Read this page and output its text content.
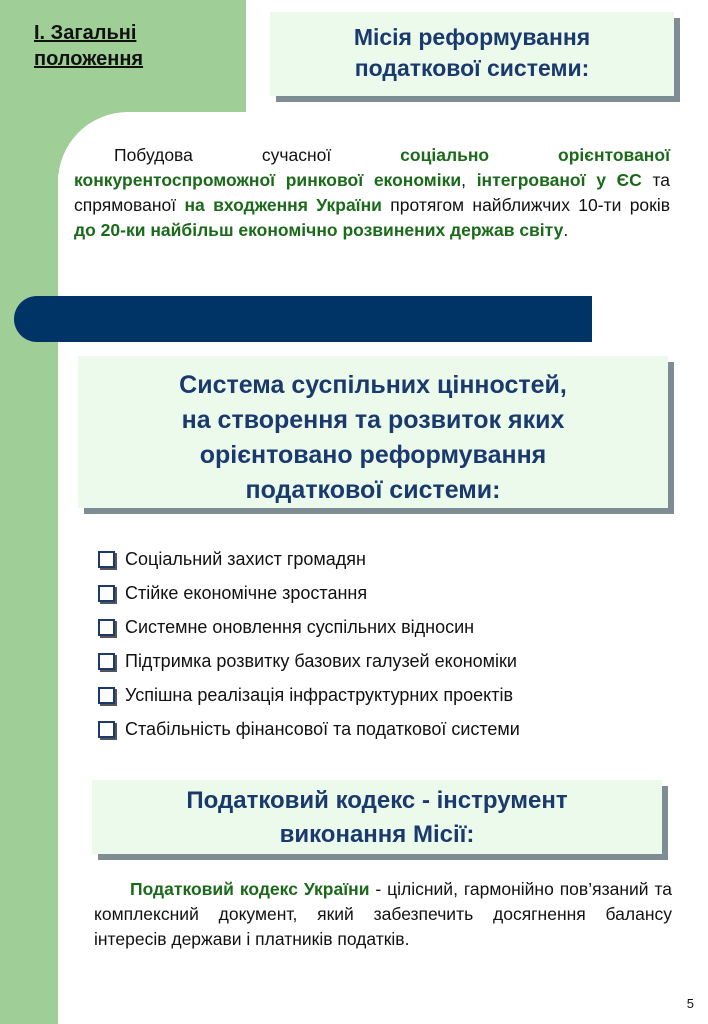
І. Загальні положення
Місія реформування
податкової системи:
Побудова сучасної соціально орієнтованої конкурентоспроможної ринкової економіки, інтегрованої у ЄС та спрямованої на входження України протягом найближчих 10-ти років до 20-ки найбільш економічно розвинених держав світу.
Система суспільних цінностей,
на створення та розвиток яких
орієнтовано реформування
податкової системи:
Соціальний захист громадян
Стійке економічне зростання
Системне оновлення суспільних відносин
Підтримка розвитку базових галузей економіки
Успішна реалізація інфраструктурних проектів
Стабільність фінансової та податкової системи
Податковий кодекс - інструмент
виконання Місії:
Податковий кодекс України - цілісний, гармонійно пов’язаний та комплексний документ, який забезпечить досягнення балансу інтересів держави і платників податків.
5
